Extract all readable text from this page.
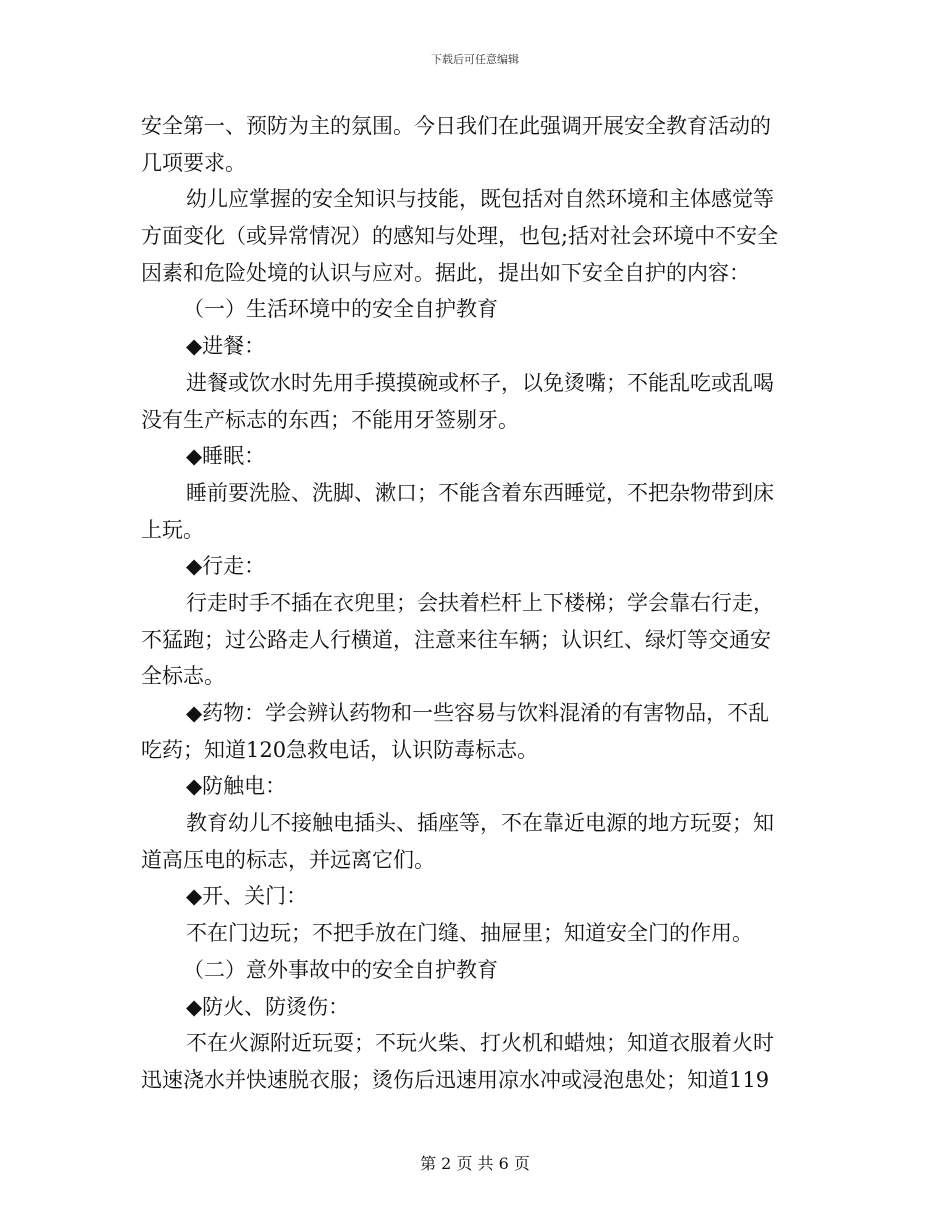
下载后可任意编辑
安全第一、预防为主的氛围。今日我们在此强调开展安全教育活动的
几项要求。
幼儿应掌握的安全知识与技能，既包括对自然环境和主体感觉等
方面变化（或异常情况）的感知与处理，也包;括对社会环境中不安全
因素和危险处境的认识与应对。据此，提出如下安全自护的内容：
（一）生活环境中的安全自护教育
◆进餐：
进餐或饮水时先用手摸摸碗或杯子，以免烫嘴；不能乱吃或乱喝
没有生产标志的东西；不能用牙签剔牙。
◆睡眠：
睡前要洗脸、洗脚、漱口；不能含着东西睡觉，不把杂物带到床
上玩。
◆行走：
行走时手不插在衣兜里；会扶着栏杆上下楼梯；学会靠右行走，
不猛跑；过公路走人行横道，注意来往车辆；认识红、绿灯等交通安
全标志。
◆药物：学会辨认药物和一些容易与饮料混淆的有害物品，不乱
吃药；知道120急救电话，认识防毒标志。
◆防触电：
教育幼儿不接触电插头、插座等，不在靠近电源的地方玩耍；知
道高压电的标志，并远离它们。
◆开、关门：
不在门边玩；不把手放在门缝、抽屉里；知道安全门的作用。
（二）意外事故中的安全自护教育
◆防火、防烫伤：
不在火源附近玩耍；不玩火柴、打火机和蜡烛；知道衣服着火时
迅速浇水并快速脱衣服；烫伤后迅速用凉水冲或浸泡患处；知道119
第 2 页 共 6 页
